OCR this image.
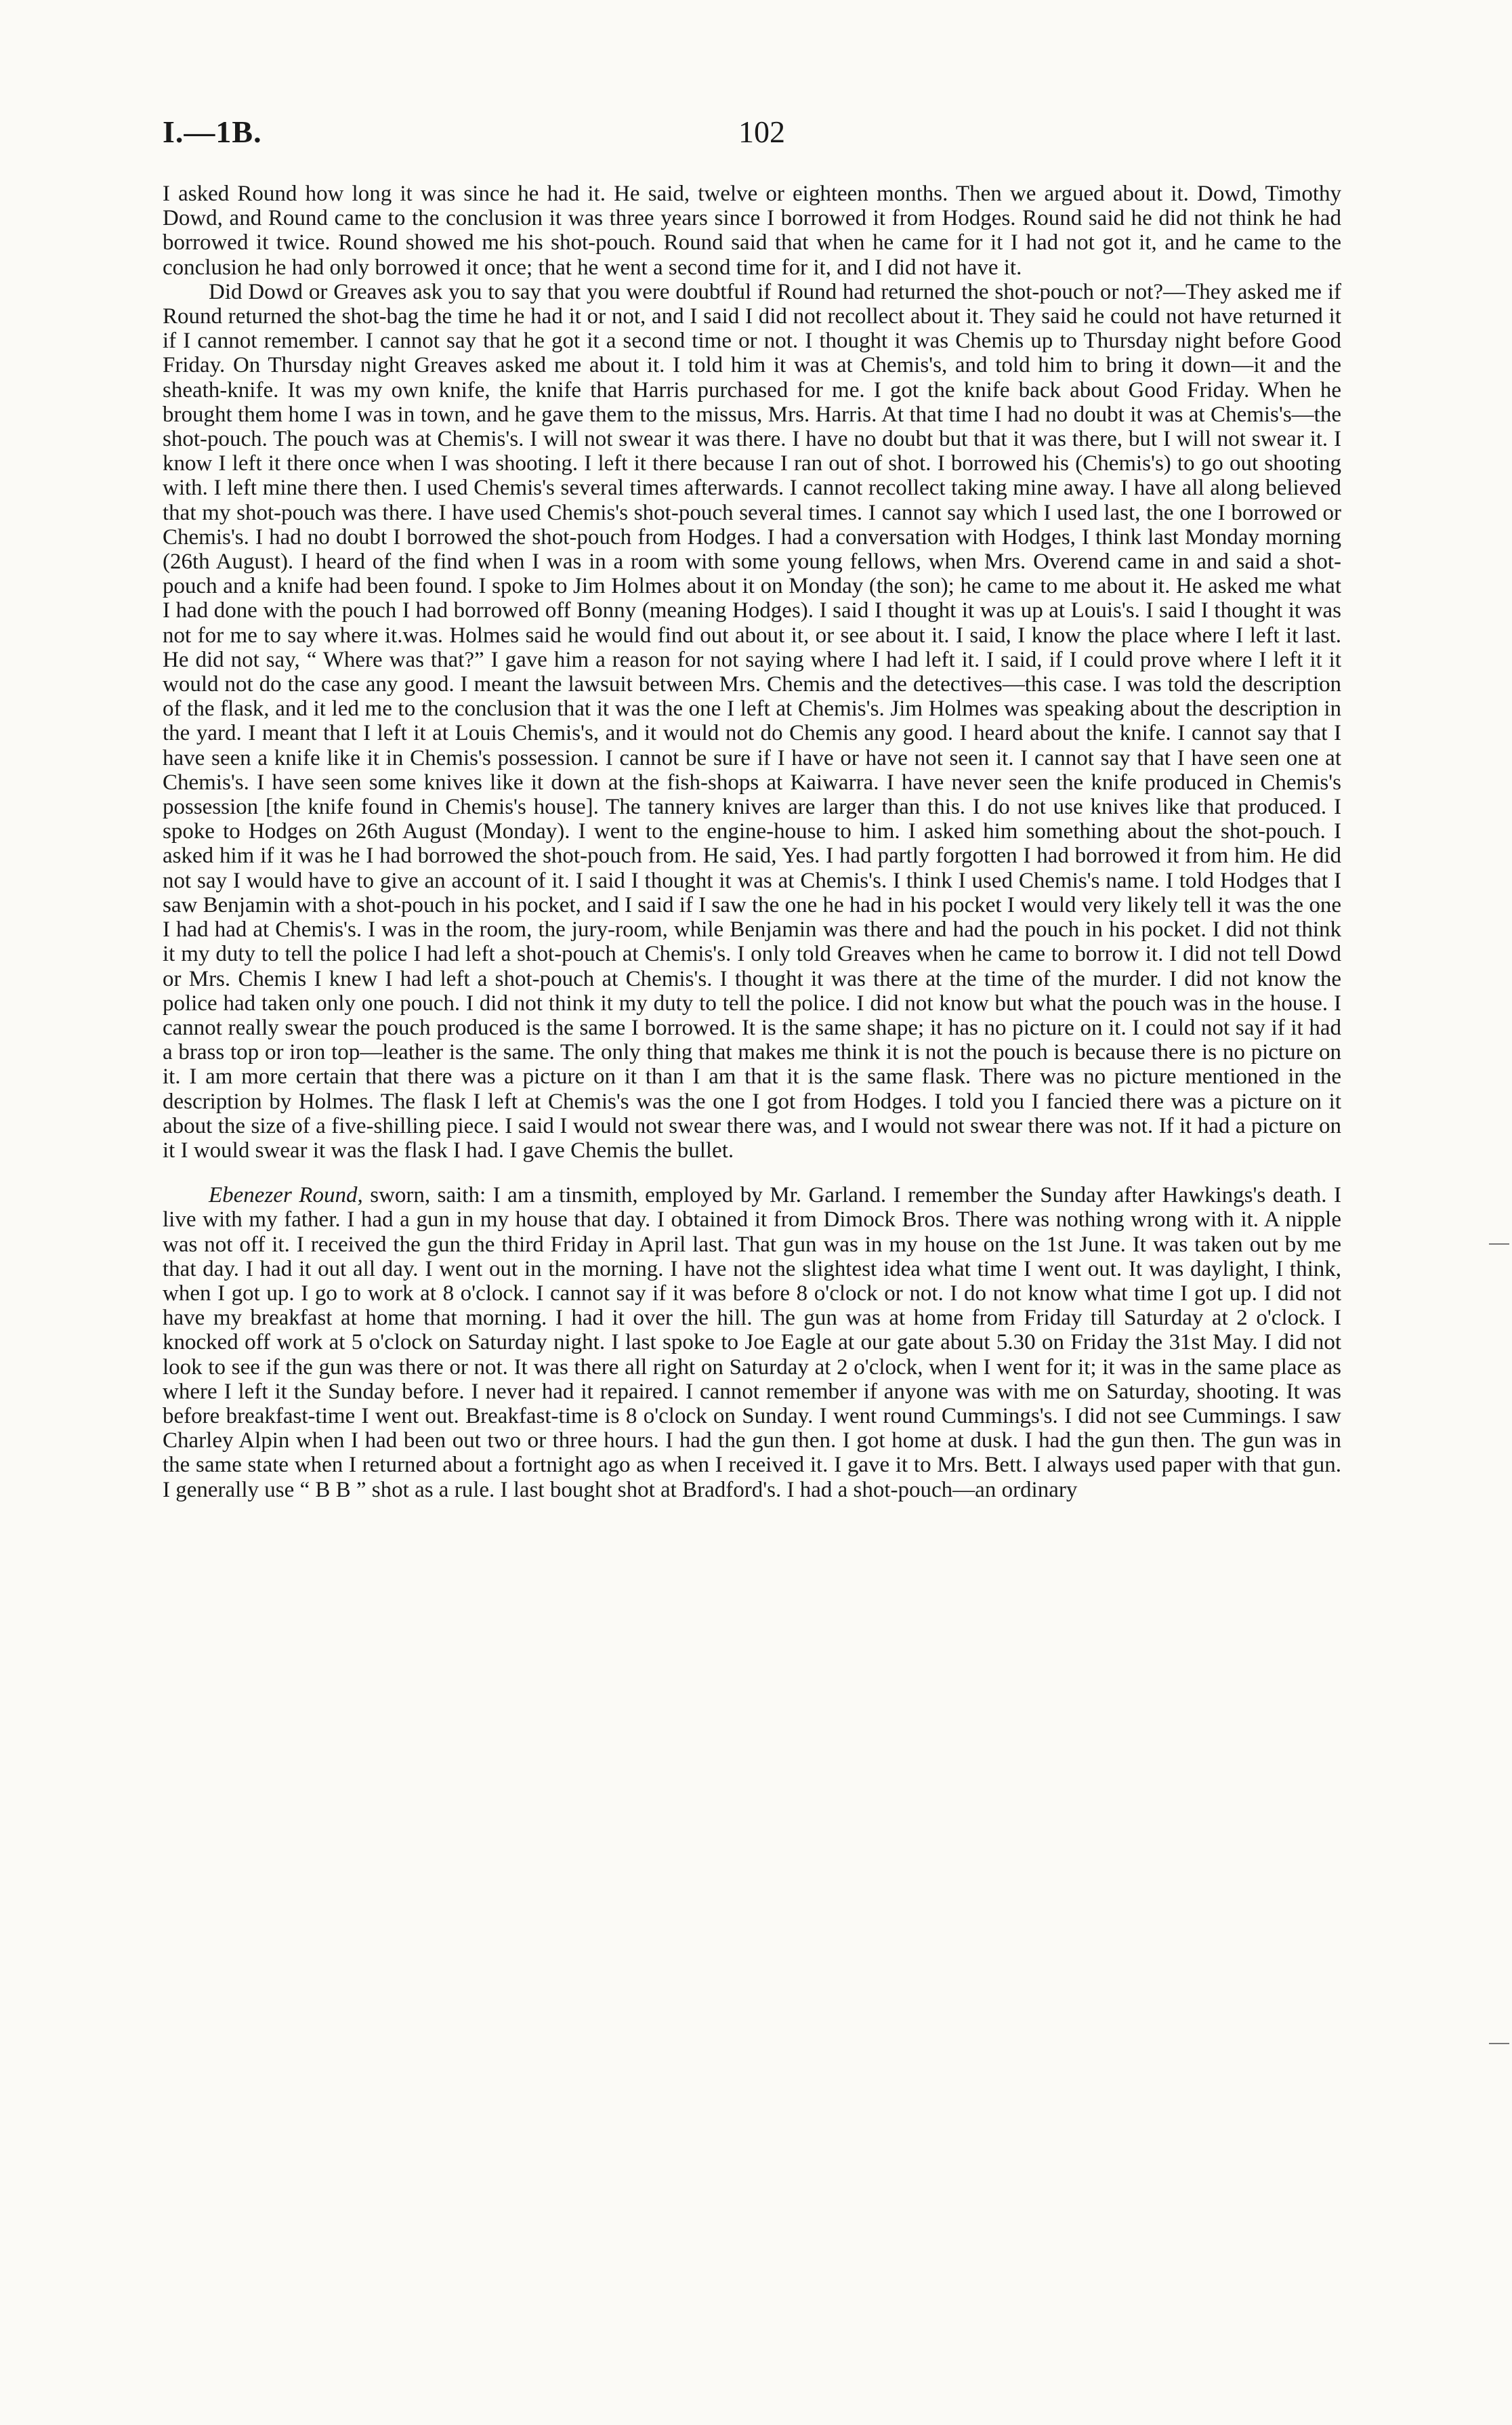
I.—1B.	102

I asked Round how long it was since he had it. He said, twelve or eighteen months. Then we argued about it. Dowd, Timothy Dowd, and Round came to the conclusion it was three years since I borrowed it from Hodges. Round said he did not think he had borrowed it twice. Round showed me his shot-pouch. Round said that when he came for it I had not got it, and he came to the conclusion he had only borrowed it once; that he went a second time for it, and I did not have it.

Did Dowd or Greaves ask you to say that you were doubtful if Round had returned the shot-pouch or not?—They asked me if Round returned the shot-bag the time he had it or not, and I said I did not recollect about it. They said he could not have returned it if I cannot remember. I cannot say that he got it a second time or not. I thought it was Chemis up to Thursday night before Good Friday. On Thursday night Greaves asked me about it. I told him it was at Chemis's, and told him to bring it down—it and the sheath-knife. It was my own knife, the knife that Harris purchased for me. I got the knife back about Good Friday. When he brought them home I was in town, and he gave them to the missus, Mrs. Harris. At that time I had no doubt it was at Chemis's—the shot-pouch. The pouch was at Chemis's. I will not swear it was there. I have no doubt but that it was there, but I will not swear it. I know I left it there once when I was shooting. I left it there because I ran out of shot. I borrowed his (Chemis's) to go out shooting with. I left mine there then. I used Chemis's several times afterwards. I cannot recollect taking mine away. I have all along believed that my shot-pouch was there. I have used Chemis's shot-pouch several times. I cannot say which I used last, the one I borrowed or Chemis's. I had no doubt I borrowed the shot-pouch from Hodges. I had a conversation with Hodges, I think last Monday morning (26th August). I heard of the find when I was in a room with some young fellows, when Mrs. Overend came in and said a shot-pouch and a knife had been found. I spoke to Jim Holmes about it on Monday (the son); he came to me about it. He asked me what I had done with the pouch I had borrowed off Bonny (meaning Hodges). I said I thought it was up at Louis's. I said I thought it was not for me to say where it.was. Holmes said he would find out about it, or see about it. I said, I know the place where I left it last. He did not say, “ Where was that?” I gave him a reason for not saying where I had left it. I said, if I could prove where I left it it would not do the case any good. I meant the lawsuit between Mrs. Chemis and the detectives—this case. I was told the description of the flask, and it led me to the conclusion that it was the one I left at Chemis's. Jim Holmes was speaking about the description in the yard. I meant that I left it at Louis Chemis's, and it would not do Chemis any good. I heard about the knife. I cannot say that I have seen a knife like it in Chemis's possession. I cannot be sure if I have or have not seen it. I cannot say that I have seen one at Chemis's. I have seen some knives like it down at the fish-shops at Kaiwarra. I have never seen the knife produced in Chemis's possession [the knife found in Chemis's house]. The tannery knives are larger than this. I do not use knives like that produced. I spoke to Hodges on 26th August (Monday). I went to the engine-house to him. I asked him something about the shot-pouch. I asked him if it was he I had borrowed the shot-pouch from. He said, Yes. I had partly forgotten I had borrowed it from him. He did not say I would have to give an account of it. I said I thought it was at Chemis's. I think I used Chemis's name. I told Hodges that I saw Benjamin with a shot-pouch in his pocket, and I said if I saw the one he had in his pocket I would very likely tell it was the one I had had at Chemis's. I was in the room, the jury-room, while Benjamin was there and had the pouch in his pocket. I did not think it my duty to tell the police I had left a shot-pouch at Chemis's. I only told Greaves when he came to borrow it. I did not tell Dowd or Mrs. Chemis I knew I had left a shot-pouch at Chemis's. I thought it was there at the time of the murder. I did not know the police had taken only one pouch. I did not think it my duty to tell the police. I did not know but what the pouch was in the house. I cannot really swear the pouch produced is the same I borrowed. It is the same shape; it has no picture on it. I could not say if it had a brass top or iron top—leather is the same. The only thing that makes me think it is not the pouch is because there is no picture on it. I am more certain that there was a picture on it than I am that it is the same flask. There was no picture mentioned in the description by Holmes. The flask I left at Chemis's was the one I got from Hodges. I told you I fancied there was a picture on it about the size of a five-shilling piece. I said I would not swear there was, and I would not swear there was not. If it had a picture on it I would swear it was the flask I had. I gave Chemis the bullet.

Ebenezer Round, sworn, saith: I am a tinsmith, employed by Mr. Garland. I remember the Sunday after Hawkings's death. I live with my father. I had a gun in my house that day. I obtained it from Dimock Bros. There was nothing wrong with it. A nipple was not off it. I received the gun the third Friday in April last. That gun was in my house on the 1st June. It was taken out by me that day. I had it out all day. I went out in the morning. I have not the slightest idea what time I went out. It was daylight, I think, when I got up. I go to work at 8 o'clock. I cannot say if it was before 8 o'clock or not. I do not know what time I got up. I did not have my breakfast at home that morning. I had it over the hill. The gun was at home from Friday till Saturday at 2 o'clock. I knocked off work at 5 o'clock on Saturday night. I last spoke to Joe Eagle at our gate about 5.30 on Friday the 31st May. I did not look to see if the gun was there or not. It was there all right on Saturday at 2 o'clock, when I went for it; it was in the same place as where I left it the Sunday before. I never had it repaired. I cannot remember if anyone was with me on Saturday, shooting. It was before breakfast-time I went out. Breakfast-time is 8 o'clock on Sunday. I went round Cummings's. I did not see Cummings. I saw Charley Alpin when I had been out two or three hours. I had the gun then. I got home at dusk. I had the gun then. The gun was in the same state when I returned about a fortnight ago as when I received it. I gave it to Mrs. Bett. I always used paper with that gun. I generally use “ B B ” shot as a rule. I last bought shot at Bradford's. I had a shot-pouch—an ordinary
